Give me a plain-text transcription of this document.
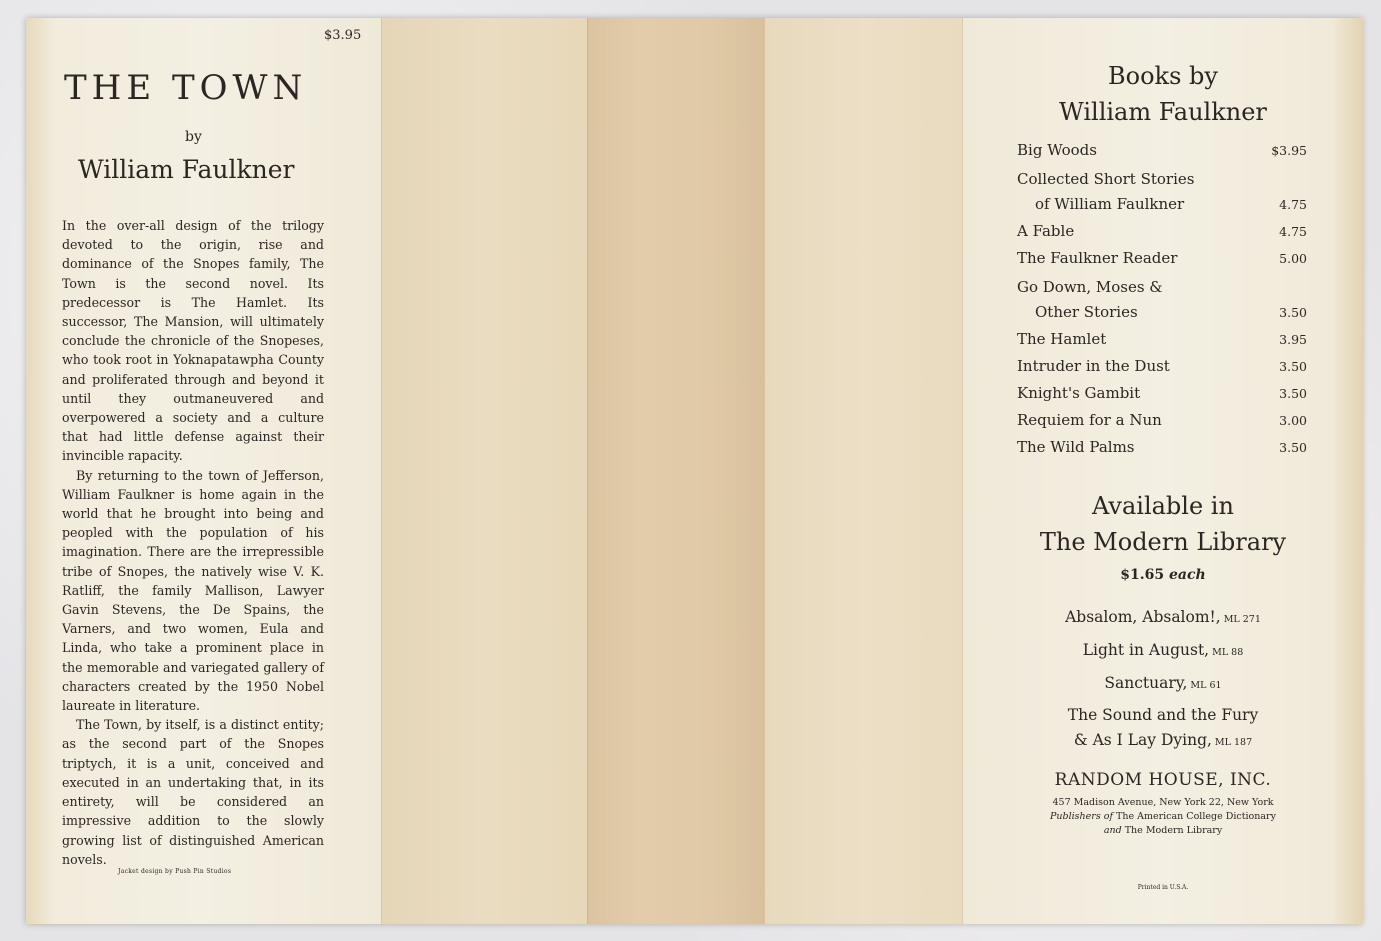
$3.95
THE TOWN
by
William Faulkner

In the over-all design of the trilogy devoted to the origin, rise and dominance of the Snopes family, The Town is the second novel. Its predecessor is The Hamlet. Its successor, The Mansion, will ultimately conclude the chronicle of the Snopeses, who took root in Yoknapatawpha County and proliferated through and beyond it until they outmaneuvered and overpowered a society and a culture that had little defense against their invincible rapacity.

By returning to the town of Jefferson, William Faulkner is home again in the world that he brought into being and peopled with the population of his imagination. There are the irrepressible tribe of Snopes, the natively wise V. K. Ratliff, the family Mallison, Lawyer Gavin Stevens, the De Spains, the Varners, and two women, Eula and Linda, who take a prominent place in the memorable and variegated gallery of characters created by the 1950 Nobel laureate in literature.

The Town, by itself, is a distinct entity; as the second part of the Snopes triptych, it is a unit, conceived and executed in an undertaking that, in its entirety, will be considered an impressive addition to the slowly growing list of distinguished American novels.

Jacket design by Push Pin Studios
Books by
William Faulkner
Big Woods	$3.95
Collected Short Stories
of William Faulkner	4.75
A Fable	4.75
The Faulkner Reader	5.00
Go Down, Moses &
Other Stories	3.50
The Hamlet	3.95
Intruder in the Dust	3.50
Knight's Gambit	3.50
Requiem for a Nun	3.00
The Wild Palms	3.50
Available in
The Modern Library
$1.65 each
Absalom, Absalom!, ML 271
Light in August, ML 88
Sanctuary, ML 61
The Sound and the Fury
& As I Lay Dying, ML 187
RANDOM HOUSE, INC.
457 Madison Avenue, New York 22, New York
Publishers of The American College Dictionary
and The Modern Library
Printed in U.S.A.
